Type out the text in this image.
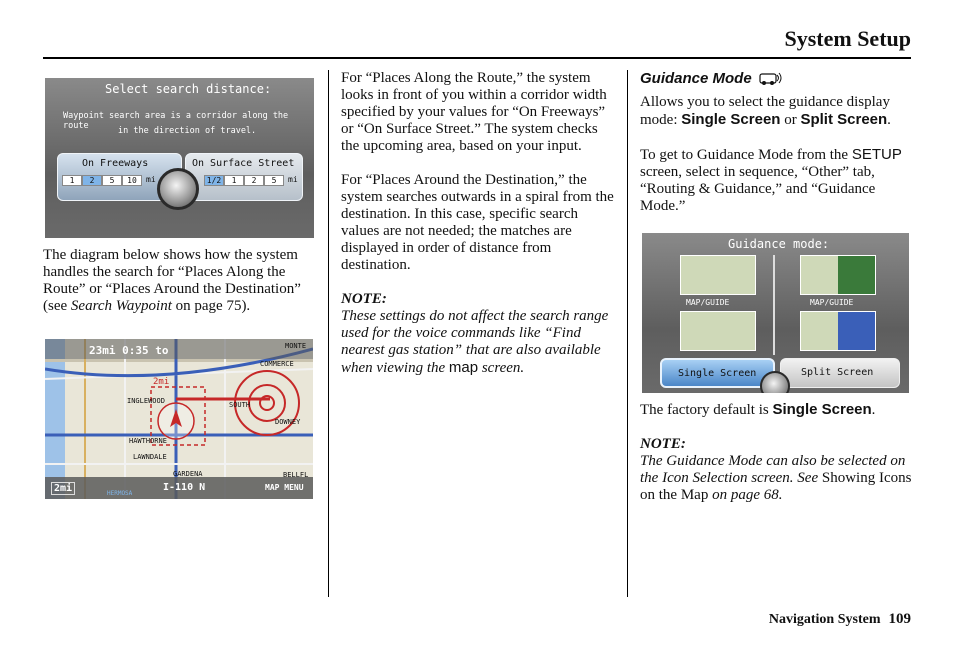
System Setup
Select search distance:
Waypoint search area is a corridor along the route	in the direction of travel.
On Freeways
1	2	5	10	mi
On Surface Street
1/2	1	2	5	mi

The diagram below shows how the system handles the search for “Places Along the Route” or “Places Around the Destination” (see Search Waypoint on page 75).

23mi 0:35 to
2mi
MONTE
COMMERCE
INGLEWOOD	SOUTH
HAWTHORNE
DOWNEY
LAWNDALE
GARDENA	BELLFL
HERMOSA
2mi	I-110 N	MAP MENU

For “Places Along the Route,” the system looks in front of you within a corridor width specified by your values for “On Freeways” or “On Surface Street.” The system checks the upcoming area, based on your input.

For “Places Around the Destination,” the system searches outwards in a spiral from the destination. In this case, specific search values are not needed; the matches are displayed in order of distance from destination.

NOTE:
These settings do not affect the search range used for the voice commands like “Find nearest gas station” that are also available when viewing the map screen.

Guidance Mode

Allows you to select the guidance display mode: Single Screen or Split Screen.

To get to Guidance Mode from the SETUP screen, select in sequence, “Other” tab, “Routing & Guidance,” and “Guidance Mode.”

Guidance mode:
MAP/GUIDE	MAP/GUIDE
Single Screen	Split Screen

The factory default is Single Screen.

NOTE:
The Guidance Mode can also be selected on the Icon Selection screen. See Showing Icons on the Map on page 68.

Navigation System 109
